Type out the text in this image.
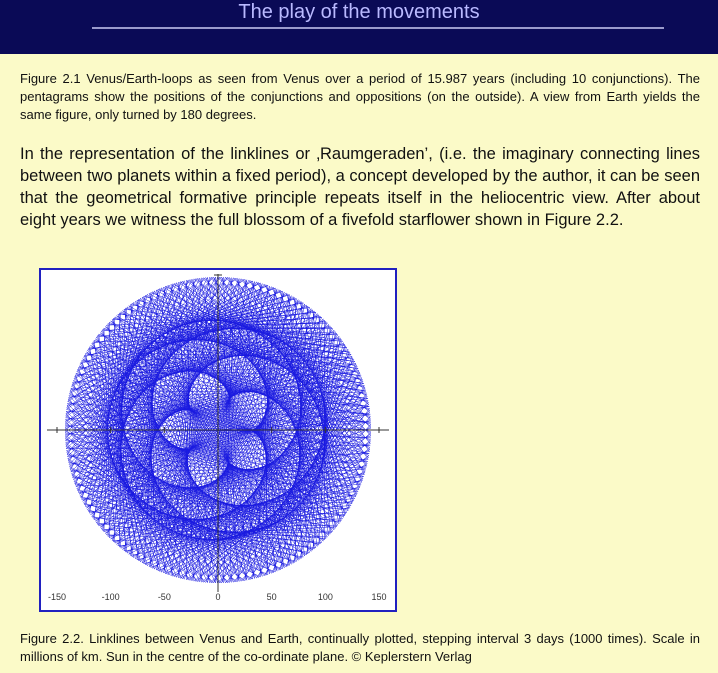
The play of the movements
Figure 2.1 Venus/Earth-loops as seen from Venus over a period of 15.987 years (including 10 conjunctions). The pentagrams show the positions of the conjunctions and oppositions (on the outside). A view from Earth yields the same figure, only turned by 180 degrees.
In the representation of the linklines or ‚Raumgeraden’, (i.e. the imaginary connecting lines between two planets within a fixed period), a concept developed by the author, it can be seen that the geometrical formative principle repeats itself in the heliocentric view. After about eight years we witness the full blossom of a fivefold starflower shown in Figure 2.2.
-150	-100	-50	0	50	100	150
Figure 2.2. Linklines between Venus and Earth, continually plotted, stepping interval 3 days (1000 times). Scale in millions of km. Sun in the centre of the co-ordinate plane. © Keplerstern Verlag
